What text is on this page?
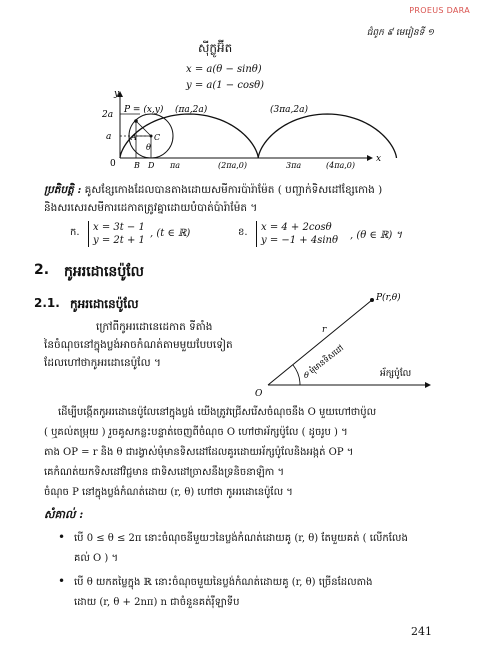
PROEUS DARA
ជំពូក ៩ មេរៀនទី ១
ស៊ីក្លូអ៊ីត
x = a(θ − sinθ)
y = a(1 − cosθ)
y
x
0
2a
a
P = (x,y) (πa,2a)	(3πa,2a)
A C
θ
B D πa	(2πa,0)	3πa	(4πa,0)
ប្រតិបត្តិ : គូសខ្សែកោងដែលបានតាងដោយសមីការប៉ារ៉ាម៉ែត ( បញ្ជាក់ទិសដៅខ្សែកោង )
និងសរសេរសមីការដេកាតត្រូវគ្នាដោយបំបាត់ប៉ារ៉ាម៉ែត ។
ក. x = 3t − 1
y = 2t + 1
, (t ∈ ℝ)	ខ. x = 4 + 2cosθ
y = −1 + 4sinθ , (θ ∈ ℝ) ។
2. កូអរដោនេប៉ូលែ
2.1. កូអរដោនេប៉ូលែ
ក្រៅពីកូអរដោនេដេកាត ទីតាំង
នៃចំណុចនៅក្នុងប្លង់អាចកំណត់តាមមួយបែបទៀត
ដែលហៅថាកូអរដោនេប៉ូលែ ។
P(r,θ)
r
O
θ
មុំមានទិសដៅ	អ័ក្សប៉ូលែ
ដើម្បីបង្កើតកូអរដោនេប៉ូលែនៅក្នុងប្លង់ យើងត្រូវជ្រើសរើសចំណុចនឹង O មួយហៅថាប៉ូល
( ឬគល់តម្រុយ ) រួចគូសកន្លះបន្ទាត់ចេញពីចំណុច O ហៅថាអ័ក្សប៉ូលែ ( ដូចរូប ) ។
តាង OP = r និង θ ជារង្វាស់មុំមានទិសដៅដែលគូរដោយអ័ក្សប៉ូលែនិងអង្កត់ OP ។
គេកំណត់យកទិសដៅវិជ្ជមាន ជាទិសដៅច្រាសនឹងទ្រនិចនាឡិកា ។
ចំណុច P នៅក្នុងប្លង់កំណត់ដោយ (r, θ) ហៅថា កូអរដោនេប៉ូលែ ។
សំគាល់ :
• បើ 0 ≤ θ ≤ 2π នោះចំណុចនីមួយៗនៃប្លង់កំណត់ដោយគូ (r, θ) តែមួយគត់ ( លើកលែង
គល់ O ) ។
• បើ θ យកតម្លៃក្នុង ℝ នោះចំណុចមួយនៃប្លង់កំណត់ដោយគូ (r, θ) ច្រើនដែលតាង
ដោយ (r, θ + 2nπ) n ជាចំនួនគត់រ៉ឺឡាទីប
241
